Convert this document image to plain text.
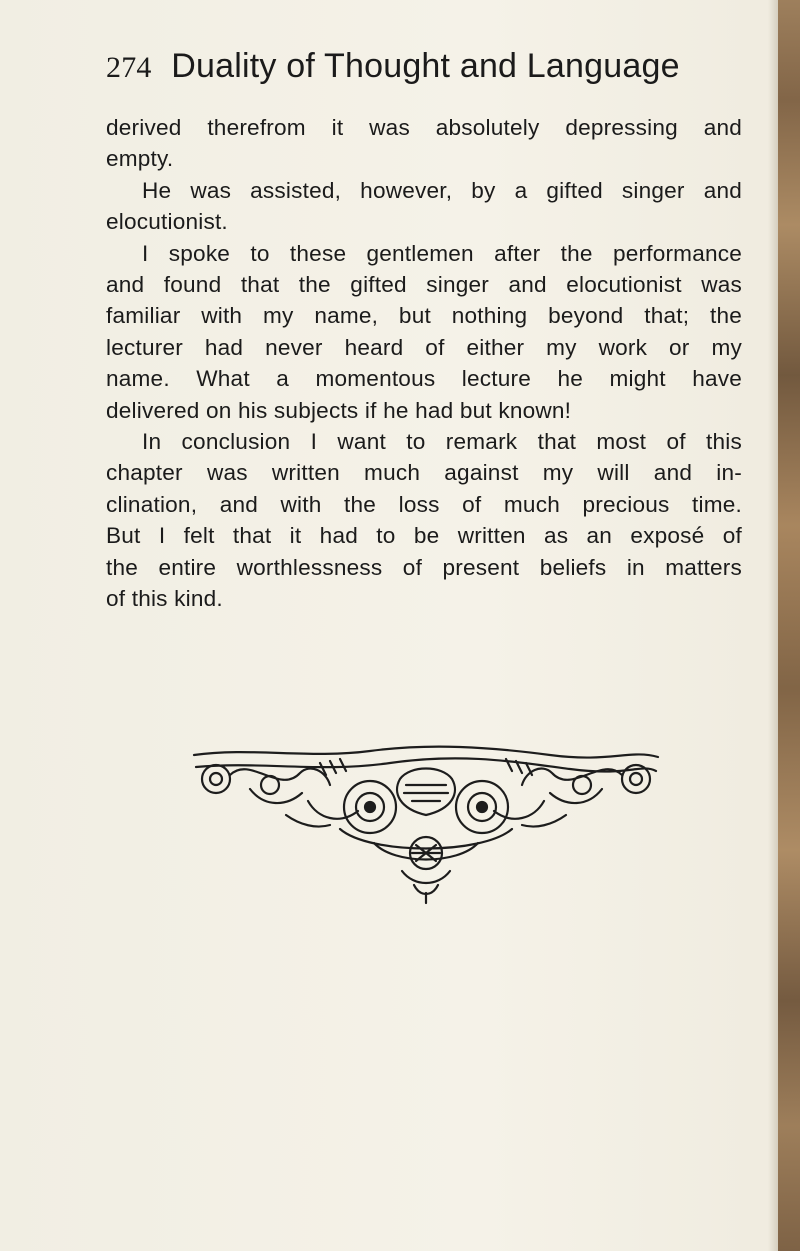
274 Duality of Thought and Language
derived therefrom it was absolutely depressing and
empty.
He was assisted, however, by a gifted singer and
elocutionist.
I spoke to these gentlemen after the performance
and found that the gifted singer and elocutionist was
familiar with my name, but nothing beyond that; the
lecturer had never heard of either my work or my
name. What a momentous lecture he might have
delivered on his subjects if he had but known!
In conclusion I want to remark that most of this
chapter was written much against my will and in-
clination, and with the loss of much precious time.
But I felt that it had to be written as an exposé of
the entire worthlessness of present beliefs in matters
of this kind.
